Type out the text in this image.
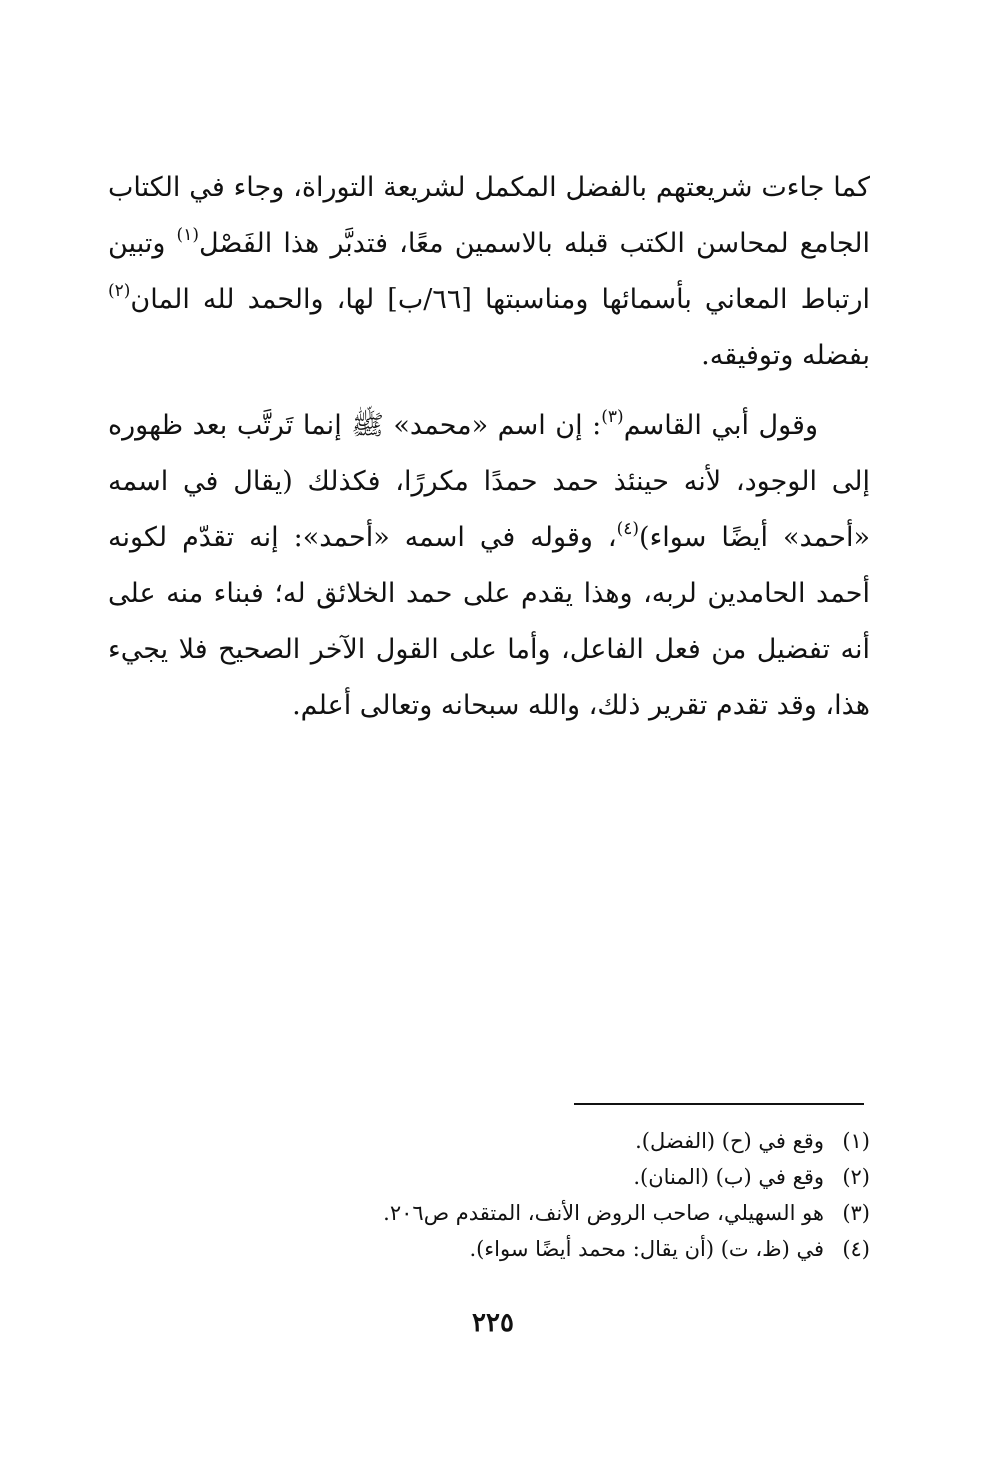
كما جاءت شريعتهم بالفضل المكمل لشريعة التوراة، وجاء في الكتاب الجامع لمحاسن الكتب قبله بالاسمين معًا، فتدبَّر هذا الفَصْل$^{(١)}$ وتبين ارتباط المعاني بأسمائها ومناسبتها [٦٦/ب] لها، والحمد لله المان$^{(٢)}$ بفضله وتوفيقه.

وقول أبي القاسم$^{(٣)}$: إن اسم «محمد» ﷺ إنما تَرتَّب بعد ظهوره إلى الوجود، لأنه حينئذ حمد حمدًا مكررًا، فكذلك (يقال في اسمه «أحمد» أيضًا سواء)$^{(٤)}$، وقوله في اسمه «أحمد»: إنه تقدّم لكونه أحمد الحامدين لربه، وهذا يقدم على حمد الخلائق له؛ فبناء منه على أنه تفضيل من فعل الفاعل، وأما على القول الآخر الصحيح فلا يجيء هذا، وقد تقدم تقرير ذلك، والله سبحانه وتعالى أعلم.

(١)وقع في (ح) (الفضل).
(٢)وقع في (ب) (المنان).
(٣)هو السهيلي، صاحب الروض الأنف، المتقدم ص٢٠٦.
(٤)في (ظ، ت) (أن يقال: محمد أيضًا سواء).
٢٢٥
